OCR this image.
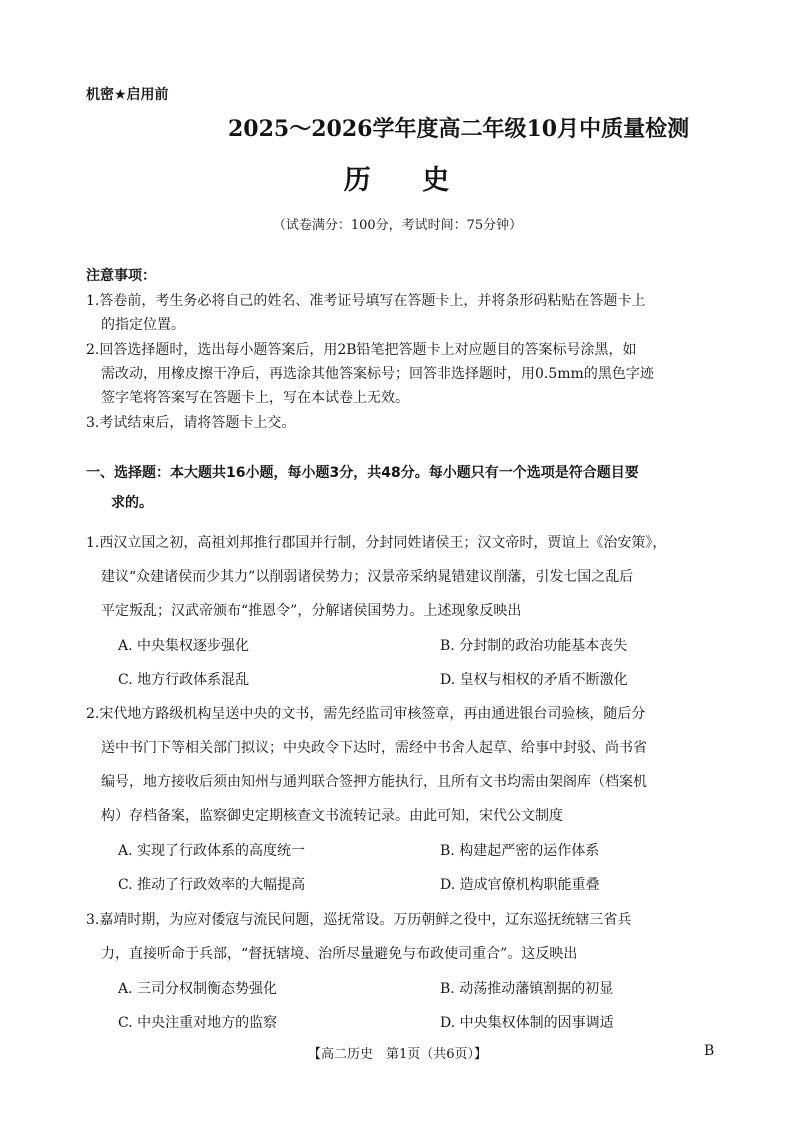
机密★启用前
2025～2026学年度高二年级10月中质量检测
历 史
（试卷满分：100分，考试时间：75分钟）
注意事项：
1.答卷前，考生务必将自己的姓名、准考证号填写在答题卡上，并将条形码粘贴在答题卡上
的指定位置。
2.回答选择题时，选出每小题答案后，用2B铅笔把答题卡上对应题目的答案标号涂黑，如
需改动，用橡皮擦干净后，再选涂其他答案标号；回答非选择题时，用0.5mm的黑色字迹
签字笔将答案写在答题卡上，写在本试卷上无效。
3.考试结束后，请将答题卡上交。
一、选择题：本大题共16小题，每小题3分，共48分。每小题只有一个选项是符合题目要
求的。
1.西汉立国之初，高祖刘邦推行郡国并行制，分封同姓诸侯王；汉文帝时，贾谊上《治安策》，
建议“众建诸侯而少其力”以削弱诸侯势力；汉景帝采纳晁错建议削藩，引发七国之乱后
平定叛乱；汉武帝颁布“推恩令”，分解诸侯国势力。上述现象反映出
A. 中央集权逐步强化	B. 分封制的政治功能基本丧失
C. 地方行政体系混乱	D. 皇权与相权的矛盾不断激化
2.宋代地方路级机构呈送中央的文书，需先经监司审核签章，再由通进银台司验核，随后分
送中书门下等相关部门拟议；中央政令下达时，需经中书舍人起草、给事中封驳、尚书省
编号，地方接收后须由知州与通判联合签押方能执行，且所有文书均需由架阁库（档案机
构）存档备案，监察御史定期核查文书流转记录。由此可知，宋代公文制度
A. 实现了行政体系的高度统一	B. 构建起严密的运作体系
C. 推动了行政效率的大幅提高	D. 造成官僚机构职能重叠
3.嘉靖时期，为应对倭寇与流民问题，巡抚常设。万历朝鲜之役中，辽东巡抚统辖三省兵
力，直接听命于兵部，“督抚辖境、治所尽量避免与布政使司重合”。这反映出
A. 三司分权制衡态势强化	B. 动荡推动藩镇割据的初显
C. 中央注重对地方的监察	D. 中央集权体制的因事调适
【高二历史　第1页（共6页）】	B
